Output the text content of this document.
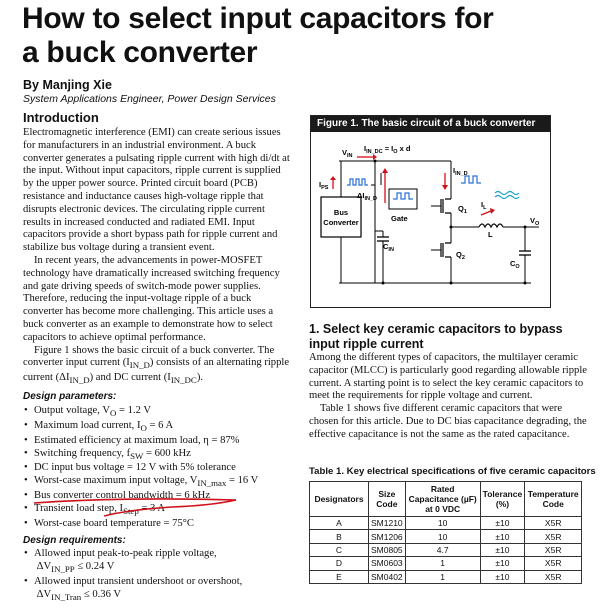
How to select input capacitors for
a buck converter
By Manjing Xie
System Applications Engineer, Power Design Services
Introduction

Electromagnetic interference (EMI) can create serious issues for manufacturers in an industrial environment. A buck converter generates a pulsating ripple current with high di/dt at the input. Without input capacitors, ripple current is supplied by the upper power source. Printed circuit board (PCB) resistance and inductance causes high-voltage ripple that disrupts electronic devices. The circulating ripple current results in increased conducted and radiated EMI. Input capacitors provide a short bypass path for ripple current and stabilize bus voltage during a transient event.

In recent years, the advancements in power-MOSFET technology have dramatically increased switching frequency and gate driving speeds of switch-mode power supplies. Therefore, reducing the input-voltage ripple of a buck converter has become more challenging. This article uses a buck converter as an example to demonstrate how to select capacitors to achieve optimal performance.

Figure 1 shows the basic circuit of a buck converter. The converter input current $(I_{IN\_D})$ consists of an alternating ripple current $(\Delta I_{IN\_D})$ and DC current $(I_{IN\_DC})$.

Design parameters:
• Output voltage, $V_O = 1.2$ V
• Maximum load current, $I_O = 6$ A
• Estimated efficiency at maximum load, η = 87%
• Switching frequency, $f_{SW} = 600$ kHz
• DC input bus voltage = 12 V with 5% tolerance
• Worst-case maximum input voltage, $V_{IN\_max} = 16$ V
• Bus converter control bandwidth = 6 kHz
• Transient load step, $I_{Step} = 3$ A
• Worst-case board temperature = 75°C
Design requirements:
• Allowed input peak-to-peak ripple voltage,
$\Delta V_{IN\_PP} \le 0.24$ V
• Allowed input transient undershoot or overshoot,
$\Delta V_{IN\_Tran} \le 0.36$ V
Figure 1. The basic circuit of a buck converter
$V_{IN}$
$I_{IN\_DC} = I_O$ x d
Bus
Converter
$I_{PS}$
$\Delta I_{IN\_D}$
Gate
$C_{IN}$
$I_{IN\_D}$
$Q_1$
$Q_2$
L
$I_L$
$V_O$
$C_O$
1. Select key ceramic capacitors to bypass input ripple current

Among the different types of capacitors, the multilayer ceramic capacitor (MLCC) is particularly good regarding allowable ripple current. A starting point is to select the key ceramic capacitors to meet the requirements for ripple voltage and current.

Table 1 shows five different ceramic capacitors that were chosen for this article. Due to DC bias capacitance degrading, the effective capacitance is not the same as the rated capacitance.

Table 1. Key electrical specifications of five ceramic capacitors
Designators	Size Code	Rated Capacitance (µF) at 0 VDC	Tolerance (%)	Temperature Code
A	SM1210	10	±10	X5R
B	SM1206	10	±10	X5R
C	SM0805	4.7	±10	X5R
D	SM0603	1	±10	X5R
E	SM0402	1	±10	X5R
